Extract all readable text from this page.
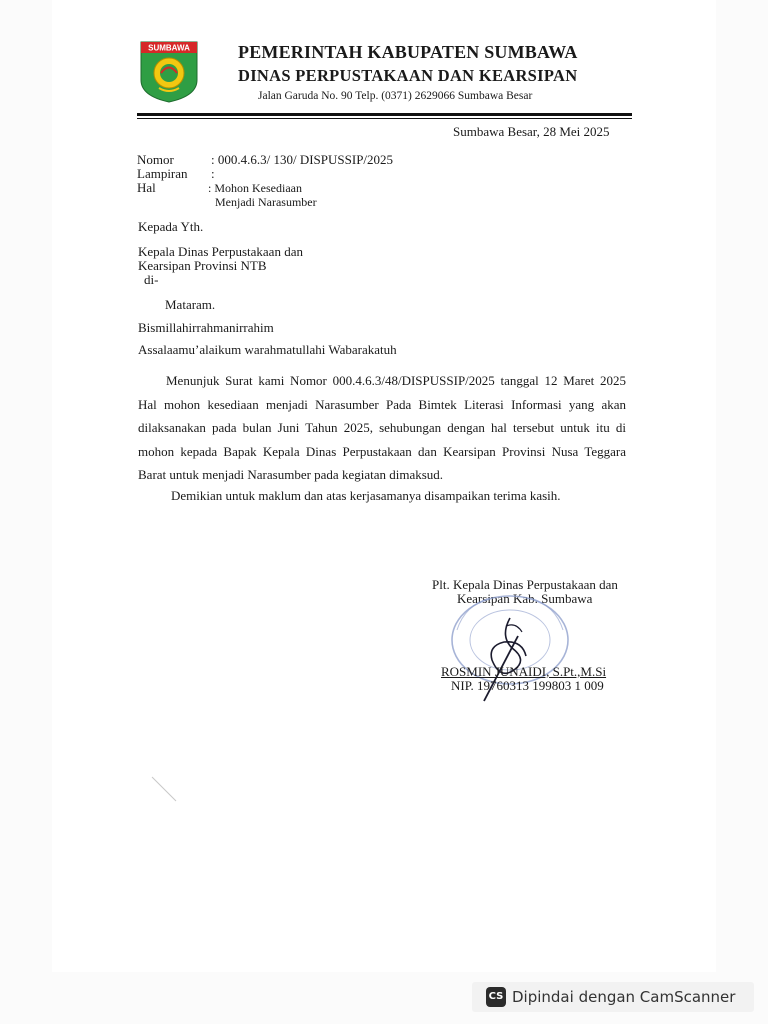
SUMBAWA	PEMERINTAH KABUPATEN SUMBAWA
DINAS PERPUSTAKAAN DAN KEARSIPAN
Jalan Garuda No. 90 Telp. (0371) 2629066 Sumbawa Besar
Sumbawa Besar, 28 Mei 2025
Nomor	: 000.4.6.3/ 130/ DISPUSSIP/2025
Lampiran :
Hal	: Mohon Kesediaan
Menjadi Narasumber
Kepada Yth.
Kepala Dinas Perpustakaan dan
Kearsipan Provinsi NTB
di-
Mataram.
Bismillahirrahmanirrahim
Assalaamu’alaikum warahmatullahi Wabarakatuh
Menunjuk Surat kami Nomor 000.4.6.3/48/DISPUSSIP/2025 tanggal 12 Maret 2025 Hal mohon kesediaan menjadi Narasumber Pada Bimtek Literasi Informasi yang akan dilaksanakan pada bulan Juni Tahun 2025, sehubungan dengan hal tersebut untuk itu di mohon kepada Bapak Kepala Dinas Perpustakaan dan Kearsipan Provinsi Nusa Teggara Barat untuk menjadi Narasumber pada kegiatan dimaksud.
Demikian untuk maklum dan atas kerjasamanya disampaikan terima kasih.
Plt. Kepala Dinas Perpustakaan dan
Kearsipan Kab. Sumbawa
ROSMIN JUNAIDI, S.Pt.,M.Si
NIP. 19760313 199803 1 009
CS Dipindai dengan CamScanner
